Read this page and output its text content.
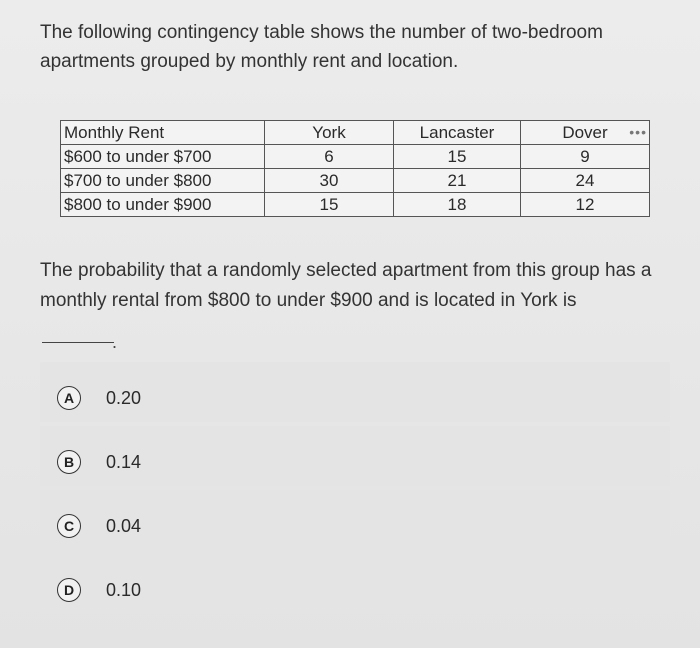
The following contingency table shows the number of two-bedroom apartments grouped by monthly rent and location.

Monthly Rent	York	Lancaster	Dover •••

$600 to under $700	6	15	9
$700 to under $800	30	21	24
$800 to under $900	15	18	12

The probability that a randomly selected apartment from this group has a monthly rental from $800 to under $900 and is located in York is

.
A	0.20
B	0.14
C	0.04
D	0.10
